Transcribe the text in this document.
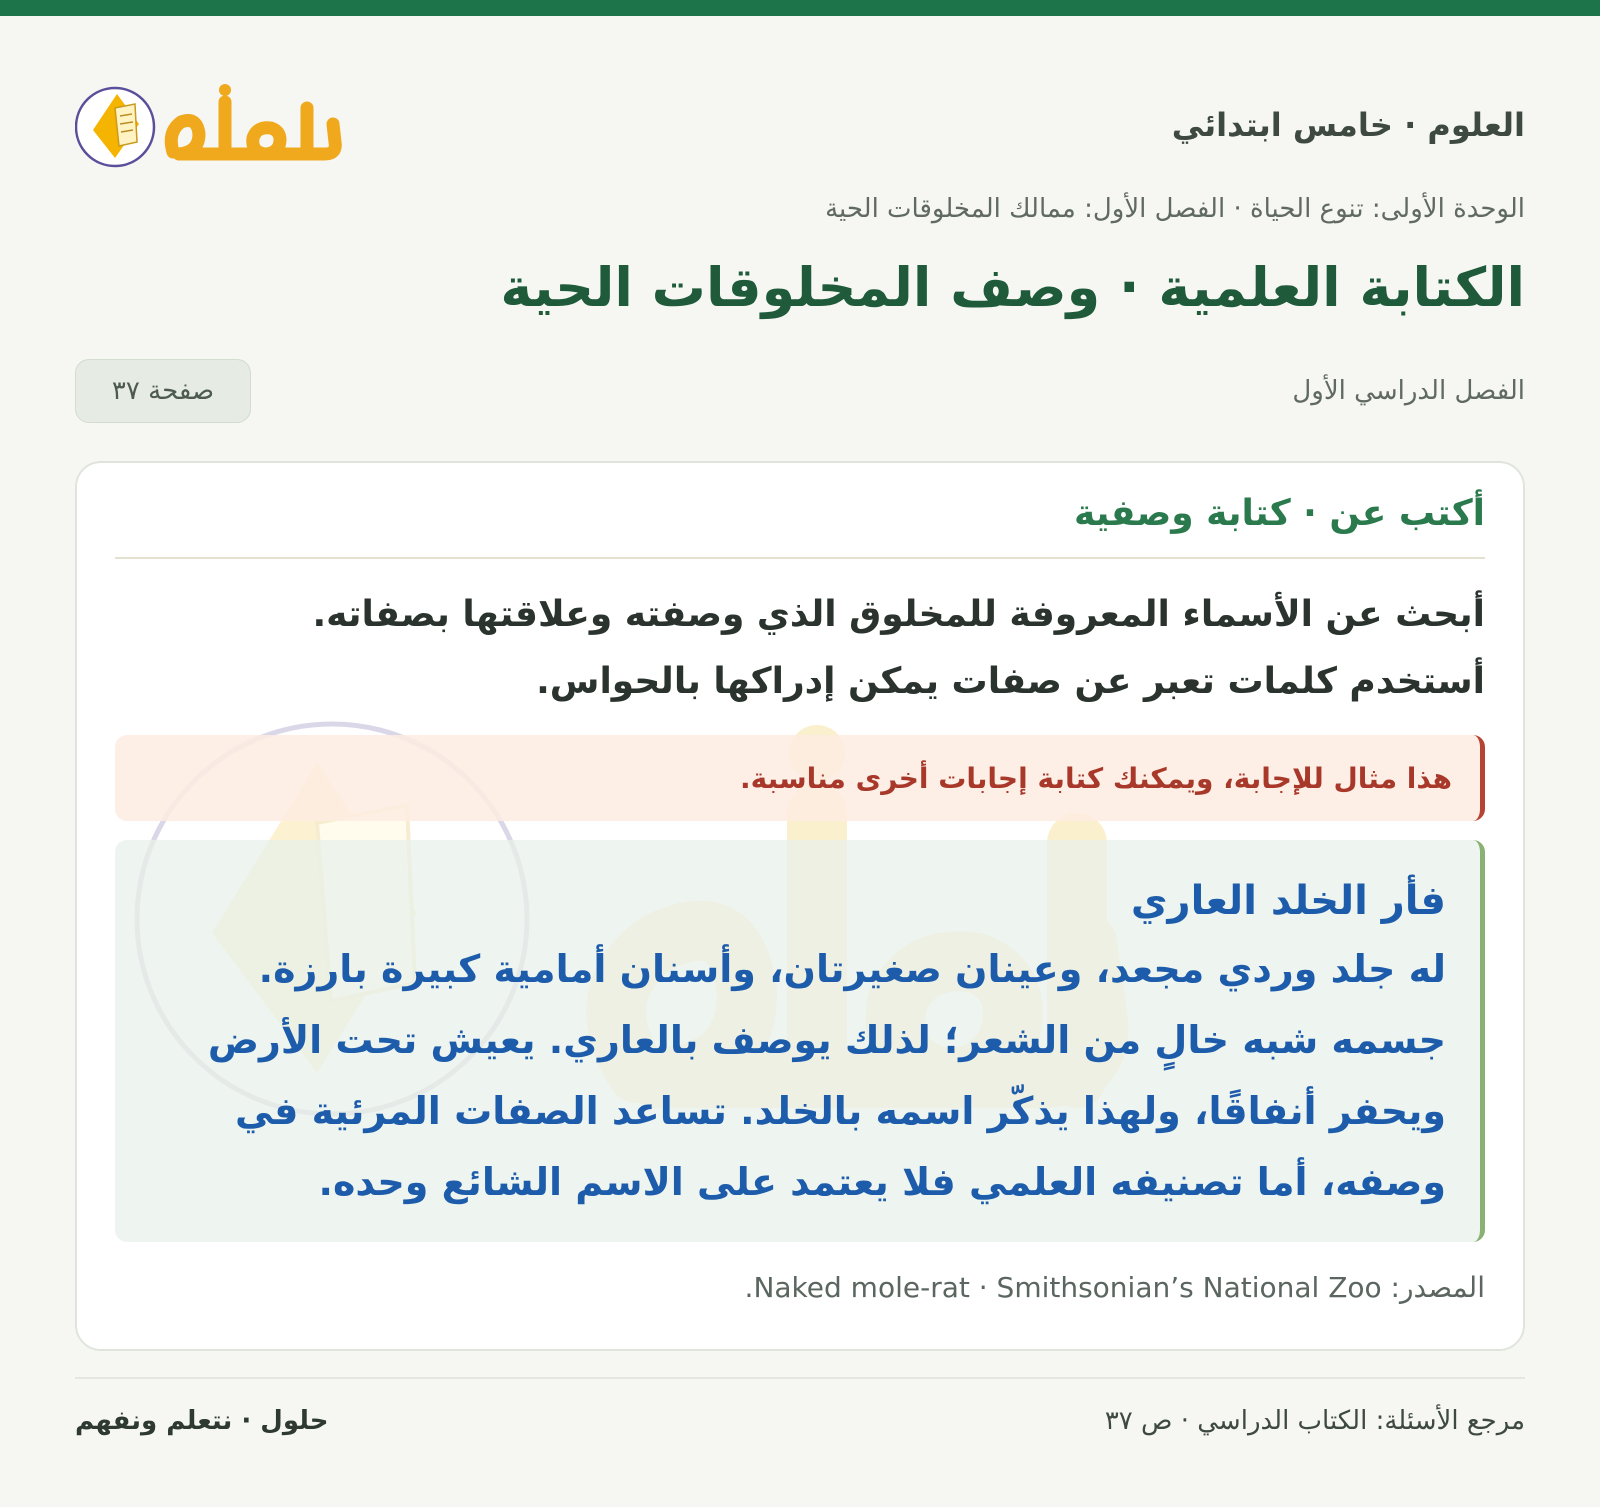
العلوم · خامس ابتدائي
الوحدة الأولى: تنوع الحياة · الفصل الأول: ممالك المخلوقات الحية
الكتابة العلمية · وصف المخلوقات الحية
الفصل الدراسي الأول
صفحة ٣٧
أكتب عن · كتابة وصفية

أبحث عن الأسماء المعروفة للمخلوق الذي وصفته وعلاقتها بصفاته.

أستخدم كلمات تعبر عن صفات يمكن إدراكها بالحواس.

هذا مثال للإجابة، ويمكنك كتابة إجابات أخرى مناسبة.
فأر الخلد العاري
له جلد وردي مجعد، وعينان صغيرتان، وأسنان أمامية كبيرة بارزة. جسمه شبه خالٍ من الشعر؛ لذلك يوصف بالعاري. يعيش تحت الأرض ويحفر أنفاقًا، ولهذا يذكّر اسمه بالخلد. تساعد الصفات المرئية في وصفه، أما تصنيفه العلمي فلا يعتمد على الاسم الشائع وحده.
المصدر: Naked mole-rat · Smithsonian’s National Zoo.
مرجع الأسئلة: الكتاب الدراسي · ص ٣٧
حلول · نتعلم ونفهم
